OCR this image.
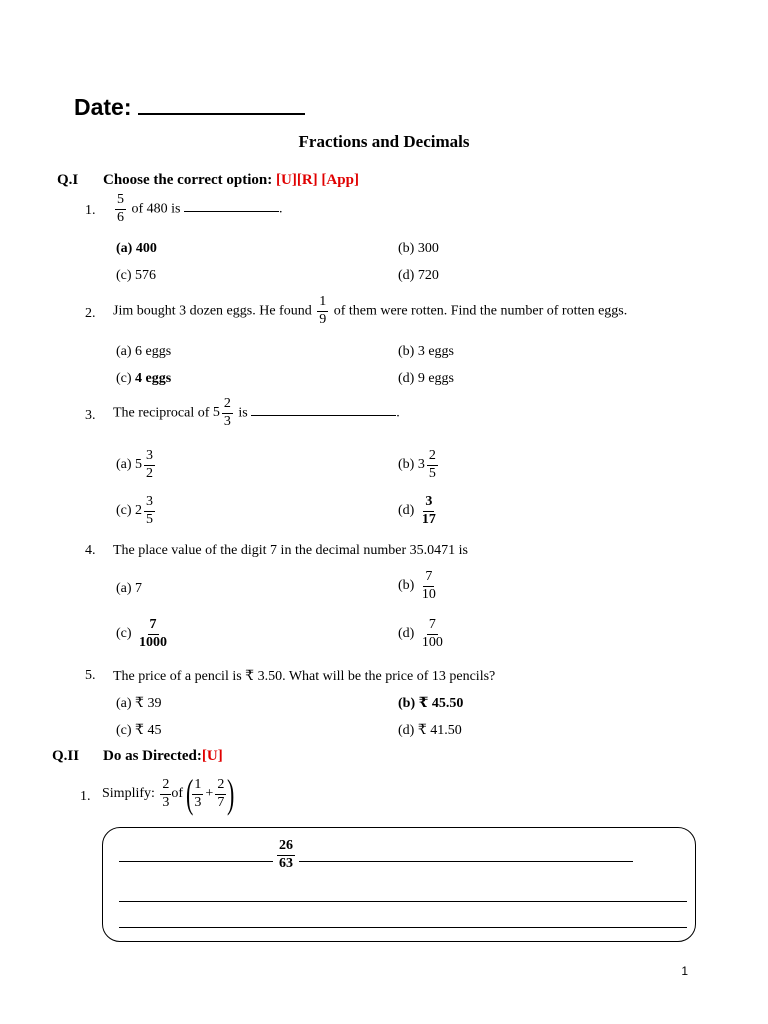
Date:
Fractions and Decimals
Q.I Choose the correct option: [U][R] [App]
1. $\frac{5}{6}$ of 480 is	.
(a) 400	(b) 300
(c) 576	(d) 720
2. Jim bought 3 dozen eggs. He found $\frac{1}{9}$ of them were rotten. Find the number of rotten eggs.
(a) 6 eggs	(b) 3 eggs
(c) 4 eggs	(d) 9 eggs
3. The reciprocal of $5 \frac{2}{3}$ is	.
(a) $5 \frac{3}{2}$	(b) $3 \frac{2}{5}$
(c) $2 \frac{3}{5}$	$(d) \frac{3}{17}$
4. The place value of the digit 7 in the decimal number 35.0471 is
(a) 7	$(b) \frac{7}{10}$
$(c) \frac{7}{1000}$	$(d) \frac{7}{100}$
5. The price of a pencil is ₹ 3.50. What will be the price of 13 pencils?
(a) ₹ 39	(b) ₹ 45.50
(c) ₹ 45	(d) ₹ 41.50
Q.II Do as Directed:[U]
1. Simplify: $\frac{2}{3} of$(
$\frac{1}{3} + \frac{2}{7}$ )
$\frac{26}{63}$
1
